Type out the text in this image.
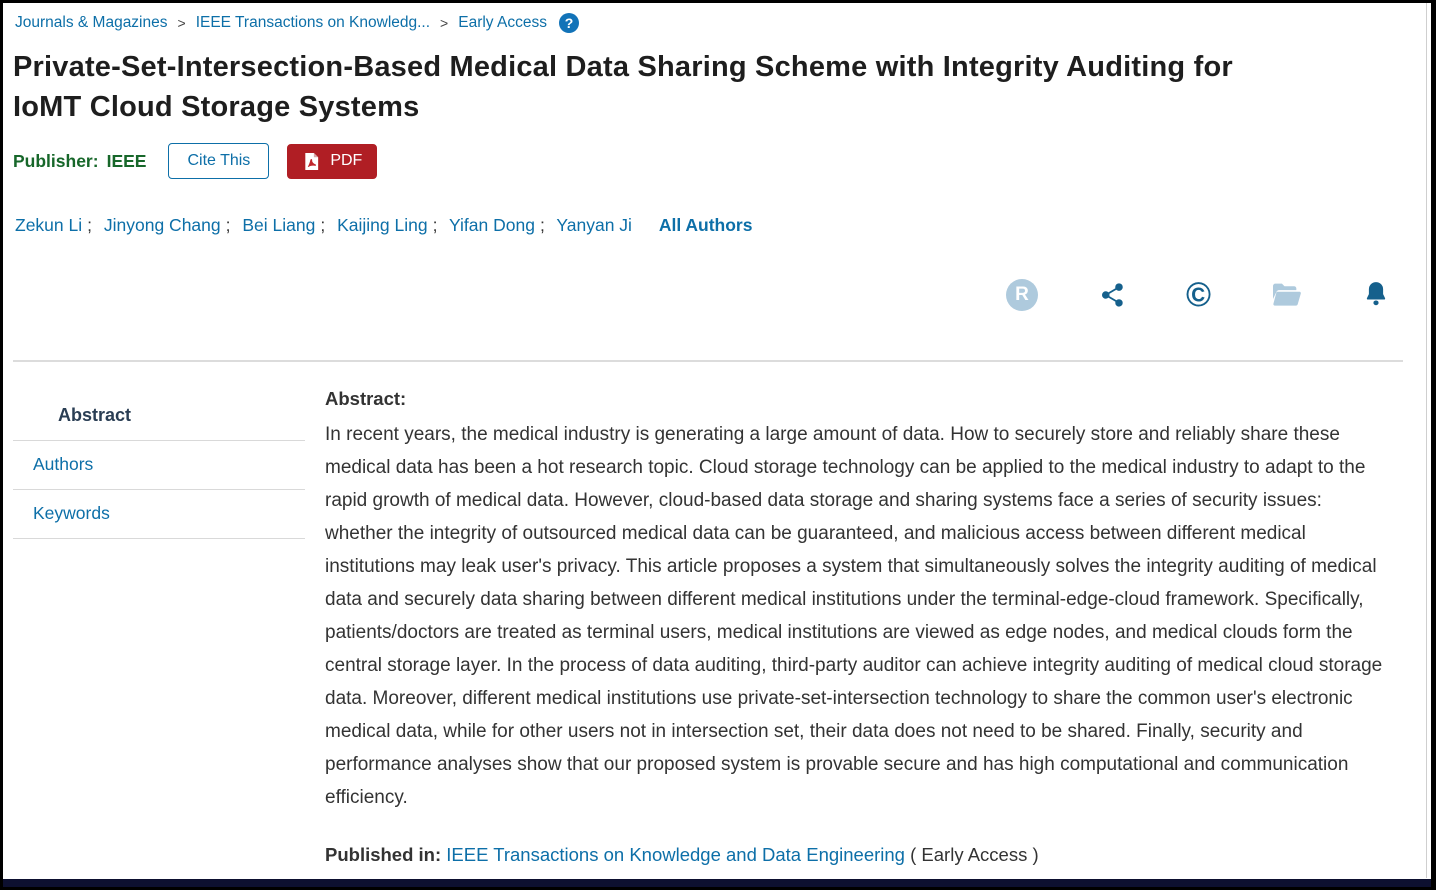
Journals & Magazines > IEEE Transactions on Knowledg... > Early Access	?
Private-Set-Intersection-Based Medical Data Sharing Scheme with Integrity Auditing for IoMT Cloud Storage Systems
Publisher: IEEE	Cite This	PDF
Zekun Li ; Jinyong Chang ; Bei Liang ; Kaijing Ling ; Yifan Dong ; Yanyan Ji All Authors
R	©
Abstract
Authors
Keywords
Abstract:

In recent years, the medical industry is generating a large amount of data. How to securely store and reliably share these medical data has been a hot research topic. Cloud storage technology can be applied to the medical industry to adapt to the rapid growth of medical data. However, cloud-based data storage and sharing systems face a series of security issues: whether the integrity of outsourced medical data can be guaranteed, and malicious access between different medical institutions may leak user's privacy. This article proposes a system that simultaneously solves the integrity auditing of medical data and securely data sharing between different medical institutions under the terminal-edge-cloud framework. Specifically, patients/doctors are treated as terminal users, medical institutions are viewed as edge nodes, and medical clouds form the central storage layer. In the process of data auditing, third-party auditor can achieve integrity auditing of medical cloud storage data. Moreover, different medical institutions use private-set-intersection technology to share the common user's electronic medical data, while for other users not in intersection set, their data does not need to be shared. Finally, security and performance analyses show that our proposed system is provable secure and has high computational and communication efficiency.

Published in: IEEE Transactions on Knowledge and Data Engineering ( Early Access )
